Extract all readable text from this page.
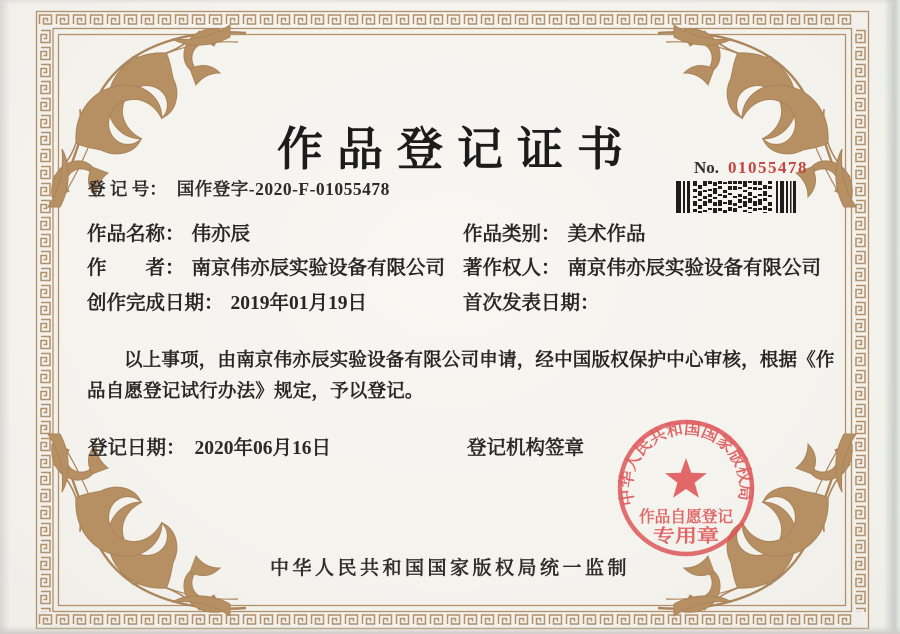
作品登记证书
登 记 号： 国作登字-2020-F-01055478
No. 01055478
作品名称： 伟亦辰	作品类别： 美术作品
作　　者： 南京伟亦辰实验设备有限公司 著作权人： 南京伟亦辰实验设备有限公司
创作完成日期： 2019年01月19日	首次发表日期：

以上事项，由南京伟亦辰实验设备有限公司申请，经中国版权保护中心审核，根据《作品自愿登记试行办法》规定，予以登记。

登记日期： 2020年06月16日	登记机构签章
中华人民共和国国家版权局
作品自愿登记
专用章
中华人民共和国国家版权局统一监制
